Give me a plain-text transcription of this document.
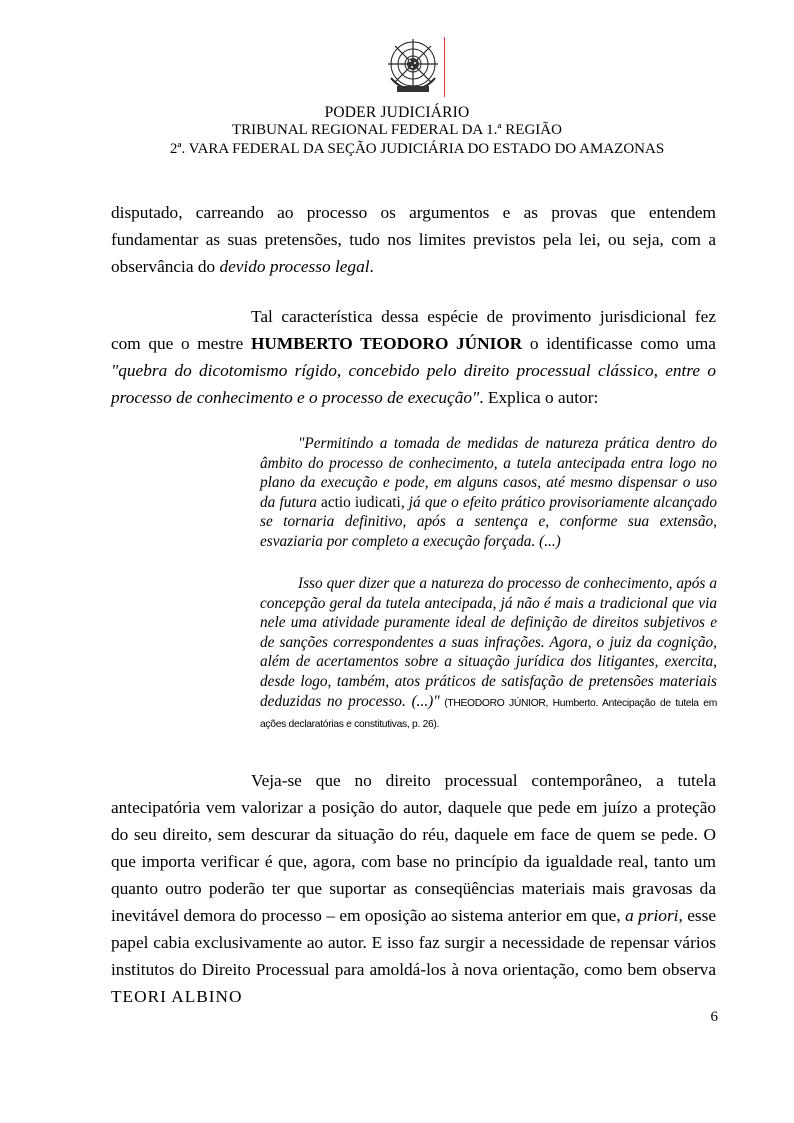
PODER JUDICIÁRIO
TRIBUNAL REGIONAL FEDERAL DA 1.ª REGIÃO
2ª. VARA FEDERAL DA SEÇÃO JUDICIÁRIA DO ESTADO DO AMAZONAS
disputado, carreando ao processo os argumentos e as provas que entendem fundamentar as suas pretensões, tudo nos limites previstos pela lei, ou seja, com a observância do devido processo legal.
Tal característica dessa espécie de provimento jurisdicional fez com que o mestre HUMBERTO TEODORO JÚNIOR o identificasse como uma "quebra do dicotomismo rígido, concebido pelo direito processual clássico, entre o processo de conhecimento e o processo de execução". Explica o autor:
"Permitindo a tomada de medidas de natureza prática dentro do âmbito do processo de conhecimento, a tutela antecipada entra logo no plano da execução e pode, em alguns casos, até mesmo dispensar o uso da futura actio iudicati, já que o efeito prático provisoriamente alcançado se tornaria definitivo, após a sentença e, conforme sua extensão, esvaziaria por completo a execução forçada. (...)
Isso quer dizer que a natureza do processo de conhecimento, após a concepção geral da tutela antecipada, já não é mais a tradicional que via nele uma atividade puramente ideal de definição de direitos subjetivos e de sanções correspondentes a suas infrações. Agora, o juiz da cognição, além de acertamentos sobre a situação jurídica dos litigantes, exercita, desde logo, também, atos práticos de satisfação de pretensões materiais deduzidas no processo. (...)" (THEODORO JÚNIOR, Humberto. Antecipação de tutela em ações declaratórias e constitutivas, p. 26).
Veja-se que no direito processual contemporâneo, a tutela antecipatória vem valorizar a posição do autor, daquele que pede em juízo a proteção do seu direito, sem descurar da situação do réu, daquele em face de quem se pede. O que importa verificar é que, agora, com base no princípio da igualdade real, tanto um quanto outro poderão ter que suportar as conseqüências materiais mais gravosas da inevitável demora do processo – em oposição ao sistema anterior em que, a priori, esse papel cabia exclusivamente ao autor. E isso faz surgir a necessidade de repensar vários institutos do Direito Processual para amoldá-los à nova orientação, como bem observa TEORI ALBINO
6
